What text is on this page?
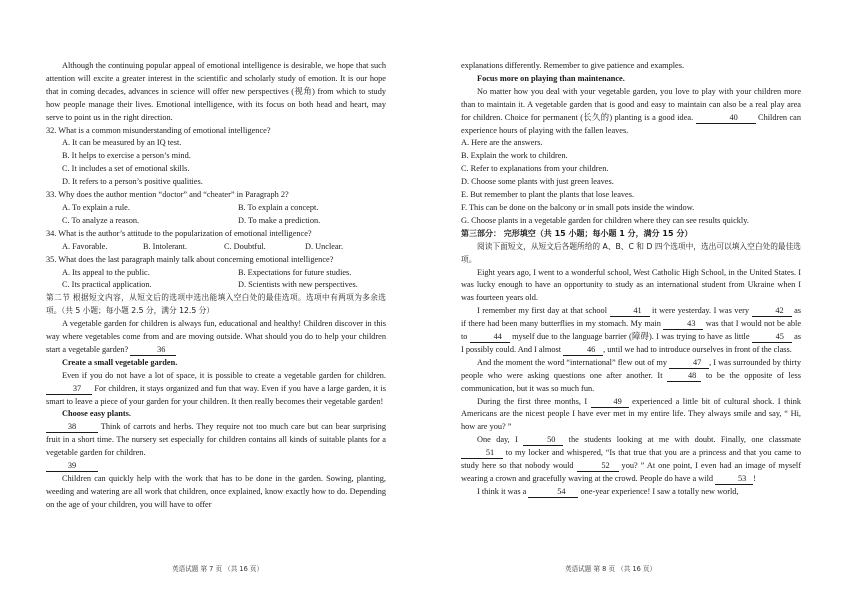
Although the continuing popular appeal of emotional intelligence is desirable, we hope that such attention will excite a greater interest in the scientific and scholarly study of emotion. It is our hope that in coming decades, advances in science will offer new perspectives (视角) from which to study how people manage their lives. Emotional intelligence, with its focus on both head and heart, may serve to point us in the right direction.

32. What is a common misunderstanding of emotional intelligence?

A. It can be measured by an IQ test.

B. It helps to exercise a person’s mind.

C. It includes a set of emotional skills.

D. It refers to a person’s positive qualities.

33. Why does the author mention “doctor” and “cheater” in Paragraph 2?

A. To explain a rule.	B. To explain a concept.
C. To analyze a reason.	D. To make a prediction.

34. What is the author’s attitude to the popularization of emotional intelligence?

A. Favorable.	B. Intolerant.	C. Doubtful.	D. Unclear.

35. What does the last paragraph mainly talk about concerning emotional intelligence?

A. Its appeal to the public.	B. Expectations for future studies.
C. Its practical application.	D. Scientists with new perspectives.

第二节 根据短文内容，从短文后的选项中选出能填入空白处的最佳选项。选项中有两项为多余选项。（共 5 小题；每小题 2.5 分，满分 12.5 分）

A vegetable garden for children is always fun, educational and healthy! Children discover in this way where vegetables come from and are moving outside. What should you do to help your children start a vegetable garden?	36

Create a small vegetable garden.

Even if you do not have a lot of space, it is possible to create a vegetable garden for children. 37 For children, it stays organized and fun that way. Even if you have a large garden, it is smart to leave a piece of your garden for your children. It then really becomes their vegetable garden!

Choose easy plants.

38	Think of carrots and herbs. They require not too much care but can bear surprising fruit in a short time. The nursery set especially for children contains all kinds of suitable plants for a vegetable garden for children.

39

Children can quickly help with the work that has to be done in the garden. Sowing, planting, weeding and watering are all work that children, once explained, know exactly how to do. Depending on the age of your children, you will have to offer

explanations differently. Remember to give patience and examples.

Focus more on playing than maintenance.

No matter how you deal with your vegetable garden, you love to play with your children more than to maintain it. A vegetable garden that is good and easy to maintain can also be a real play area for children. Choice for permanent (长久的) planting is a good idea.	40 Children can experience hours of playing with the fallen leaves.

A. Here are the answers.

B. Explain the work to children.

C. Refer to explanations from your children.

D. Choose some plants with just green leaves.

E. But remember to plant the plants that lose leaves.

F. This can be done on the balcony or in small pots inside the window.

G. Choose plants in a vegetable garden for children where they can see results quickly.

第三部分： 完形填空（共 15 小题；每小题 1 分，满分 15 分）

阅读下面短文，从短文后各题所给的 A、B、C 和 D 四个选项中，选出可以填入空白处的最佳选项。

Eight years ago, I went to a wonderful school, West Catholic High School, in the United States. I was lucky enough to have an opportunity to study as an international student from Ukraine when I was fourteen years old.

I remember my first day at that school	41 it were yesterday. I was very	42 as if there had been many butterflies in my stomach. My main	43 was that I would not be able to	44 myself due to the language barrier (障碍). I was trying to have as little	45 as I possibly could. And I almost	46 , until we had to introduce ourselves in front of the class.

And the moment the word “international” flew out of my	47 , I was surrounded by thirty people who were asking questions one after another. It	48 to be the opposite of less communication, but it was so much fun.

During the first three months, I	49 experienced a little bit of cultural shock. I think Americans are the nicest people I have ever met in my entire life. They always smile and say, “ Hi, how are you? ”

One day, I	50 the students looking at me with doubt. Finally, one classmate 51 to my locker and whispered, “Is that true that you are a princess and that you came to study here so that nobody would	52 you? ” At one point, I even had an image of myself wearing a crown and gracefully waving at the crowd. People do have a wild	53 !

I think it was a	54 one-year experience! I saw a totally new world,

英语试题 第 7 页 （共 16 页）	英语试题 第 8 页 （共 16 页）
